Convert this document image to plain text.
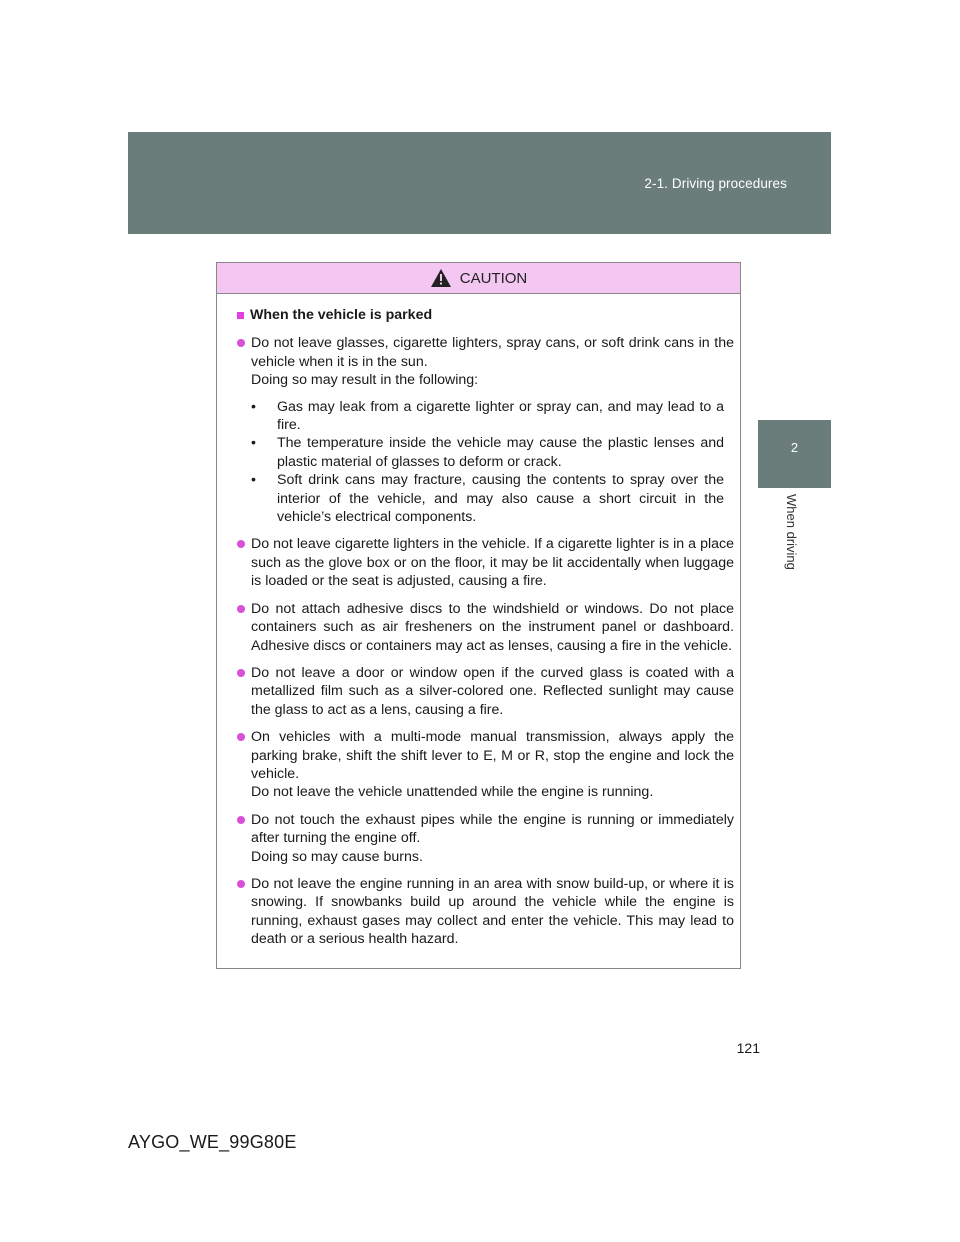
2-1. Driving procedures
2
When driving
CAUTION
When the vehicle is parked
Do not leave glasses, cigarette lighters, spray cans, or soft drink cans in the vehicle when it is in the sun.
Doing so may result in the following:
• Gas may leak from a cigarette lighter or spray can, and may lead to a fire.
• The temperature inside the vehicle may cause the plastic lenses and plastic material of glasses to deform or crack.
• Soft drink cans may fracture, causing the contents to spray over the interior of the vehicle, and may also cause a short circuit in the vehicle’s electrical components.
Do not leave cigarette lighters in the vehicle. If a cigarette lighter is in a place such as the glove box or on the floor, it may be lit accidentally when luggage is loaded or the seat is adjusted, causing a fire.
Do not attach adhesive discs to the windshield or windows. Do not place containers such as air fresheners on the instrument panel or dashboard. Adhesive discs or containers may act as lenses, causing a fire in the vehicle.
Do not leave a door or window open if the curved glass is coated with a metallized film such as a silver-colored one. Reflected sunlight may cause the glass to act as a lens, causing a fire.
On vehicles with a multi-mode manual transmission, always apply the parking brake, shift the shift lever to E, M or R, stop the engine and lock the vehicle.
Do not leave the vehicle unattended while the engine is running.
Do not touch the exhaust pipes while the engine is running or immediately after turning the engine off.
Doing so may cause burns.
Do not leave the engine running in an area with snow build-up, or where it is snowing. If snowbanks build up around the vehicle while the engine is running, exhaust gases may collect and enter the vehicle. This may lead to death or a serious health hazard.
121
AYGO_WE_99G80E
